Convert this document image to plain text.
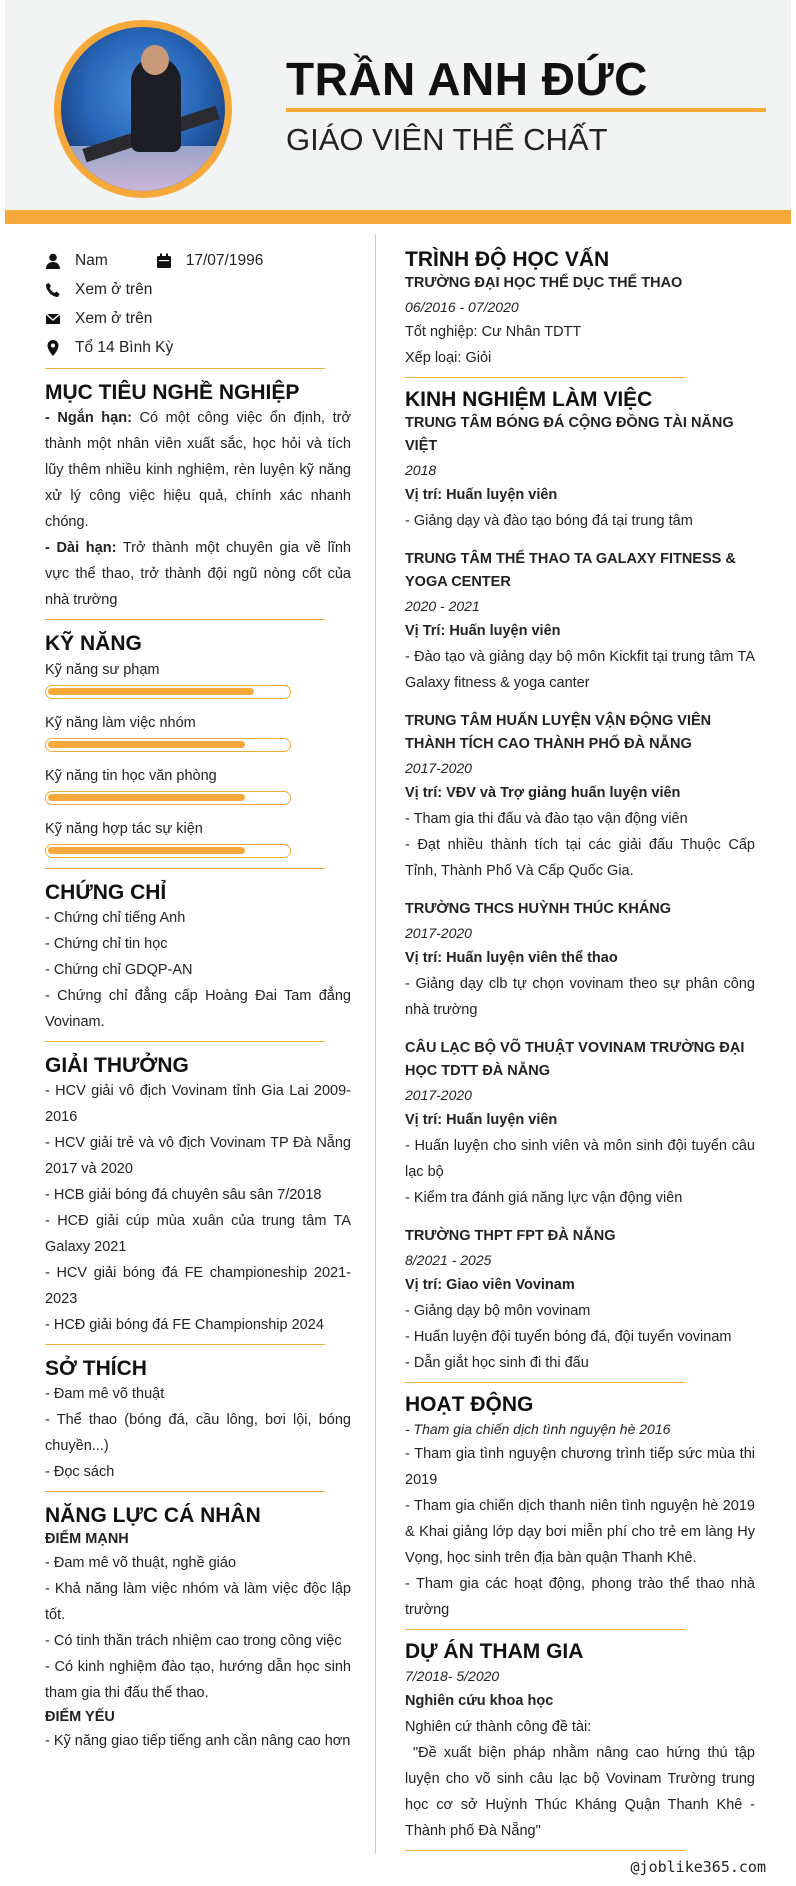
TRẦN ANH ĐỨC
GIÁO VIÊN THỂ CHẤT
Nam	17/07/1996
Xem ở trên
Xem ở trên
Tổ 14 Bình Kỳ
MỤC TIÊU NGHỀ NGHIỆP
- Ngắn hạn: Có một công việc ổn định, trở thành một nhân viên xuất sắc, học hỏi và tích lũy thêm nhiều kinh nghiệm, rèn luyện kỹ năng xử lý công việc hiệu quả, chính xác nhanh chóng.
- Dài hạn: Trở thành một chuyên gia về lĩnh vực thể thao, trở thành đội ngũ nòng cốt của nhà trường
KỸ NĂNG
Kỹ năng sư phạm
Kỹ năng làm việc nhóm
Kỹ năng tin học văn phòng
Kỹ năng hợp tác sự kiện
CHỨNG CHỈ
- Chứng chỉ tiếng Anh
- Chứng chỉ tin học
- Chứng chỉ GDQP-AN
- Chứng chỉ đẳng cấp Hoàng Đai Tam đẳng Vovinam.
GIẢI THƯỞNG
- HCV giải vô địch Vovinam tỉnh Gia Lai 2009-2016
- HCV giải trẻ và vô địch Vovinam TP Đà Nẵng 2017 và 2020
- HCB giải bóng đá chuyên sâu sân 7/2018
- HCĐ giải cúp mùa xuân của trung tâm TA Galaxy 2021
- HCV giải bóng đá FE championeship 2021-2023
- HCĐ giải bóng đá FE Championship 2024
SỞ THÍCH
- Đam mê võ thuật
- Thể thao (bóng đá, cầu lông, bơi lội, bóng chuyền...)
- Đọc sách
NĂNG LỰC CÁ NHÂN
ĐIỂM MẠNH
- Đam mê võ thuật, nghề giáo
- Khả năng làm việc nhóm và làm việc độc lập tốt.
- Có tinh thần trách nhiệm cao trong công việc
- Có kinh nghiệm đào tạo, hướng dẫn học sinh tham gia thi đấu thể thao.
ĐIỂM YẾU
- Kỹ năng giao tiếp tiếng anh cần nâng cao hơn
TRÌNH ĐỘ HỌC VẤN
TRƯỜNG ĐẠI HỌC THỂ DỤC THỂ THAO
06/2016 - 07/2020
Tốt nghiệp: Cư Nhân TDTT
Xếp loại: Giỏi
KINH NGHIỆM LÀM VIỆC
TRUNG TÂM BÓNG ĐÁ CỘNG ĐỒNG TÀI NĂNG VIỆT
2018
Vị trí: Huấn luyện viên
- Giảng dạy và đào tạo bóng đá tại trung tâm
TRUNG TÂM THỂ THAO TA GALAXY FITNESS & YOGA CENTER
2020 - 2021
Vị Trí: Huấn luyện viên
- Đào tạo và giảng dạy bộ môn Kickfit tại trung tâm TA Galaxy fitness & yoga canter
TRUNG TÂM HUẤN LUYỆN VẬN ĐỘNG VIÊN THÀNH TÍCH CAO THÀNH PHỐ ĐÀ NẴNG
2017-2020
Vị trí: VĐV và Trợ giảng huấn luyện viên
- Tham gia thi đấu và đào tạo vận động viên
- Đạt nhiều thành tích tại các giải đấu Thuộc Cấp Tỉnh, Thành Phố Và Cấp Quốc Gia.
TRƯỜNG THCS HUỲNH THÚC KHÁNG
2017-2020
Vị trí: Huấn luyện viên thể thao
- Giảng dạy clb tự chọn vovinam theo sự phân công nhà trường
CÂU LẠC BỘ VÕ THUẬT VOVINAM TRƯỜNG ĐẠI HỌC TDTT ĐÀ NẴNG
2017-2020
Vị trí: Huấn luyện viên
- Huấn luyện cho sinh viên và môn sinh đội tuyển câu lạc bộ
- Kiểm tra đánh giá năng lực vận động viên
TRƯỜNG THPT FPT ĐÀ NẴNG
8/2021 - 2025
Vị trí: Giao viên Vovinam
- Giảng dạy bộ môn vovinam
- Huấn luyện đội tuyển bóng đá, đội tuyển vovinam
- Dẫn giắt học sinh đi thi đấu
HOẠT ĐỘNG
- Tham gia chiến dịch tình nguyện hè 2016
- Tham gia tình nguyện chương trình tiếp sức mùa thi 2019
- Tham gia chiến dịch thanh niên tình nguyện hè 2019 & Khai giảng lớp dạy bơi miễn phí cho trẻ em làng Hy Vọng, học sinh trên địa bàn quận Thanh Khê.
- Tham gia các hoạt động, phong trào thể thao nhà trường
DỰ ÁN THAM GIA
7/2018- 5/2020
Nghiên cứu khoa học
Nghiên cứ thành công đề tài:
"Đề xuất biện pháp nhằm nâng cao hứng thú tập luyện cho võ sinh câu lạc bộ Vovinam Trường trung học cơ sở Huỳnh Thúc Kháng Quận Thanh Khê -Thành phố Đà Nẵng"
@joblike365.com
